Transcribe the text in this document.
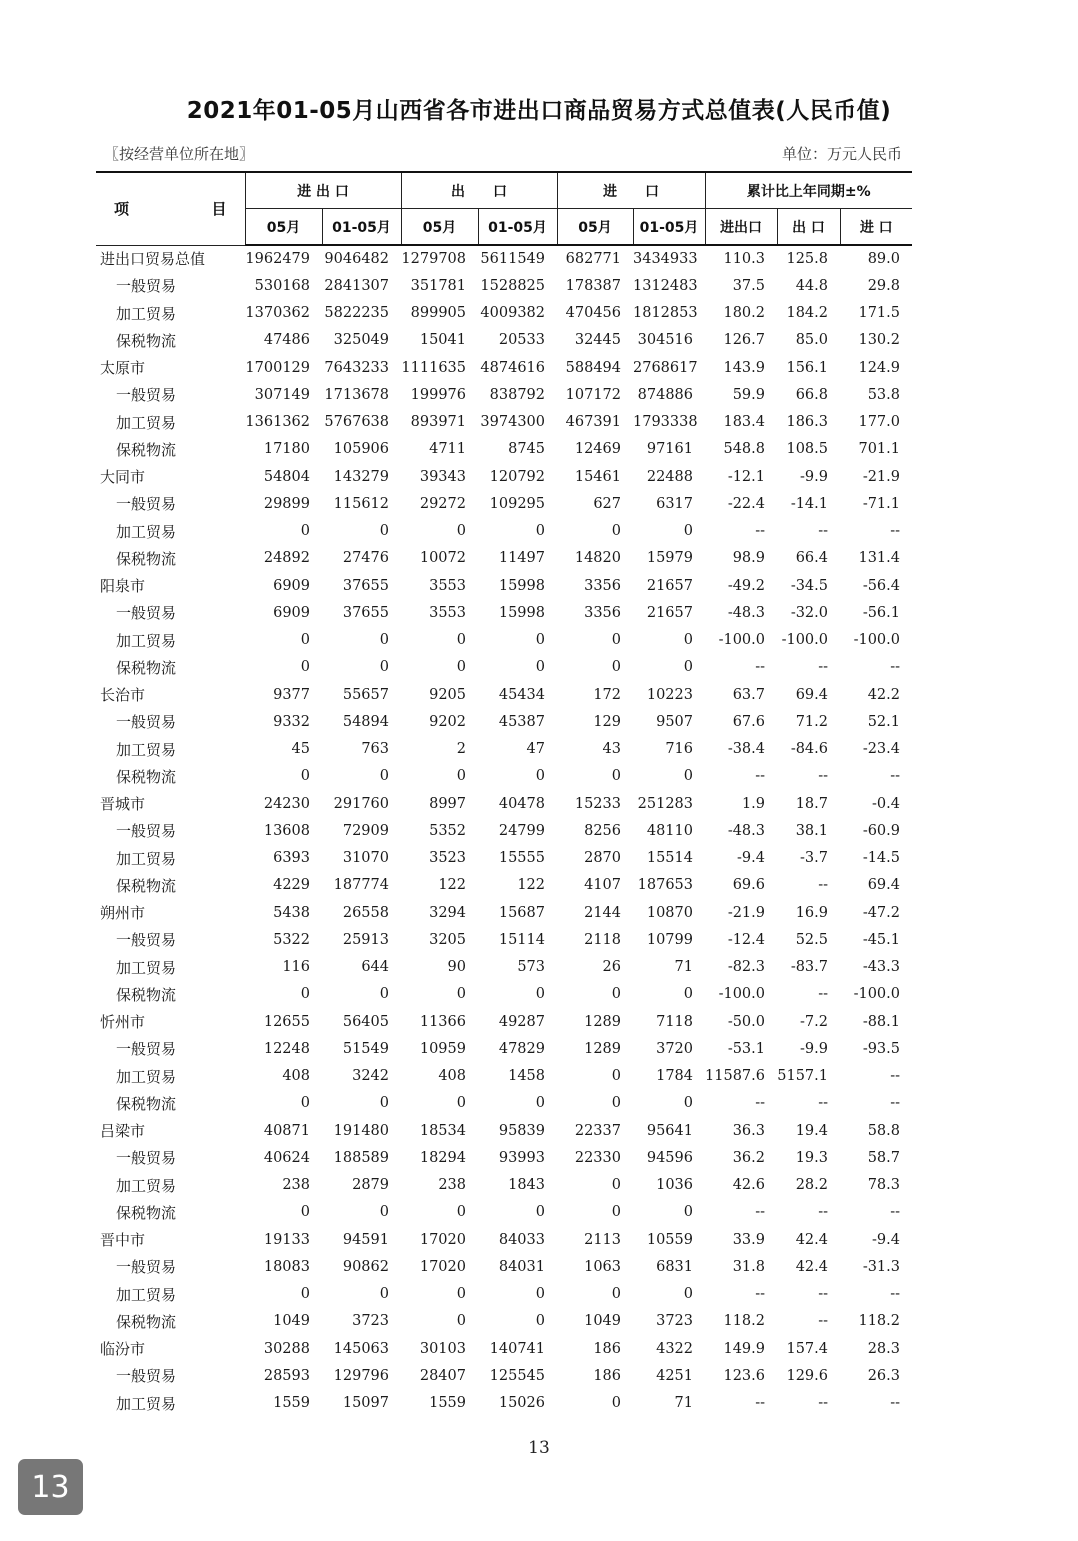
2021年01-05月山西省各市进出口商品贸易方式总值表(人民币值)
〖按经营单位所在地〗	单位：万元人民币
项 目	进 出 口		出　　口		进　　口		累计比上年同期±%		
	05月	01-05月	05月	01-05月	05月	01-05月	进出口	出 口	进 口
进出口贸易总值	1962479	9046482	1279708	5611549	682771	3434933	110.3	125.8	89.0
一般贸易	530168	2841307	351781	1528825	178387	1312483	37.5	44.8	29.8
加工贸易	1370362	5822235	899905	4009382	470456	1812853	180.2	184.2	171.5
保税物流	47486	325049	15041	20533	32445	304516	126.7	85.0	130.2
太原市	1700129	7643233	1111635	4874616	588494	2768617	143.9	156.1	124.9
一般贸易	307149	1713678	199976	838792	107172	874886	59.9	66.8	53.8
加工贸易	1361362	5767638	893971	3974300	467391	1793338	183.4	186.3	177.0
保税物流	17180	105906	4711	8745	12469	97161	548.8	108.5	701.1
大同市	54804	143279	39343	120792	15461	22488	-12.1	-9.9	-21.9
一般贸易	29899	115612	29272	109295	627	6317	-22.4	-14.1	-71.1
加工贸易	0	0	0	0	0	0	--	--	--
保税物流	24892	27476	10072	11497	14820	15979	98.9	66.4	131.4
阳泉市	6909	37655	3553	15998	3356	21657	-49.2	-34.5	-56.4
一般贸易	6909	37655	3553	15998	3356	21657	-48.3	-32.0	-56.1
加工贸易	0	0	0	0	0	0	-100.0	-100.0	-100.0
保税物流	0	0	0	0	0	0	--	--	--
长治市	9377	55657	9205	45434	172	10223	63.7	69.4	42.2
一般贸易	9332	54894	9202	45387	129	9507	67.6	71.2	52.1
加工贸易	45	763	2	47	43	716	-38.4	-84.6	-23.4
保税物流	0	0	0	0	0	0	--	--	--
晋城市	24230	291760	8997	40478	15233	251283	1.9	18.7	-0.4
一般贸易	13608	72909	5352	24799	8256	48110	-48.3	38.1	-60.9
加工贸易	6393	31070	3523	15555	2870	15514	-9.4	-3.7	-14.5
保税物流	4229	187774	122	122	4107	187653	69.6	--	69.4
朔州市	5438	26558	3294	15687	2144	10870	-21.9	16.9	-47.2
一般贸易	5322	25913	3205	15114	2118	10799	-12.4	52.5	-45.1
加工贸易	116	644	90	573	26	71	-82.3	-83.7	-43.3
保税物流	0	0	0	0	0	0	-100.0	--	-100.0
忻州市	12655	56405	11366	49287	1289	7118	-50.0	-7.2	-88.1
一般贸易	12248	51549	10959	47829	1289	3720	-53.1	-9.9	-93.5
加工贸易	408	3242	408	1458	0	1784	11587.6	5157.1	--
保税物流	0	0	0	0	0	0	--	--	--
吕梁市	40871	191480	18534	95839	22337	95641	36.3	19.4	58.8
一般贸易	40624	188589	18294	93993	22330	94596	36.2	19.3	58.7
加工贸易	238	2879	238	1843	0	1036	42.6	28.2	78.3
保税物流	0	0	0	0	0	0	--	--	--
晋中市	19133	94591	17020	84033	2113	10559	33.9	42.4	-9.4
一般贸易	18083	90862	17020	84031	1063	6831	31.8	42.4	-31.3
加工贸易	0	0	0	0	0	0	--	--	--
保税物流	1049	3723	0	0	1049	3723	118.2	--	118.2
临汾市	30288	145063	30103	140741	186	4322	149.9	157.4	28.3
一般贸易	28593	129796	28407	125545	186	4251	123.6	129.6	26.3
加工贸易	1559	15097	1559	15026	0	71	--	--	--
13
13
